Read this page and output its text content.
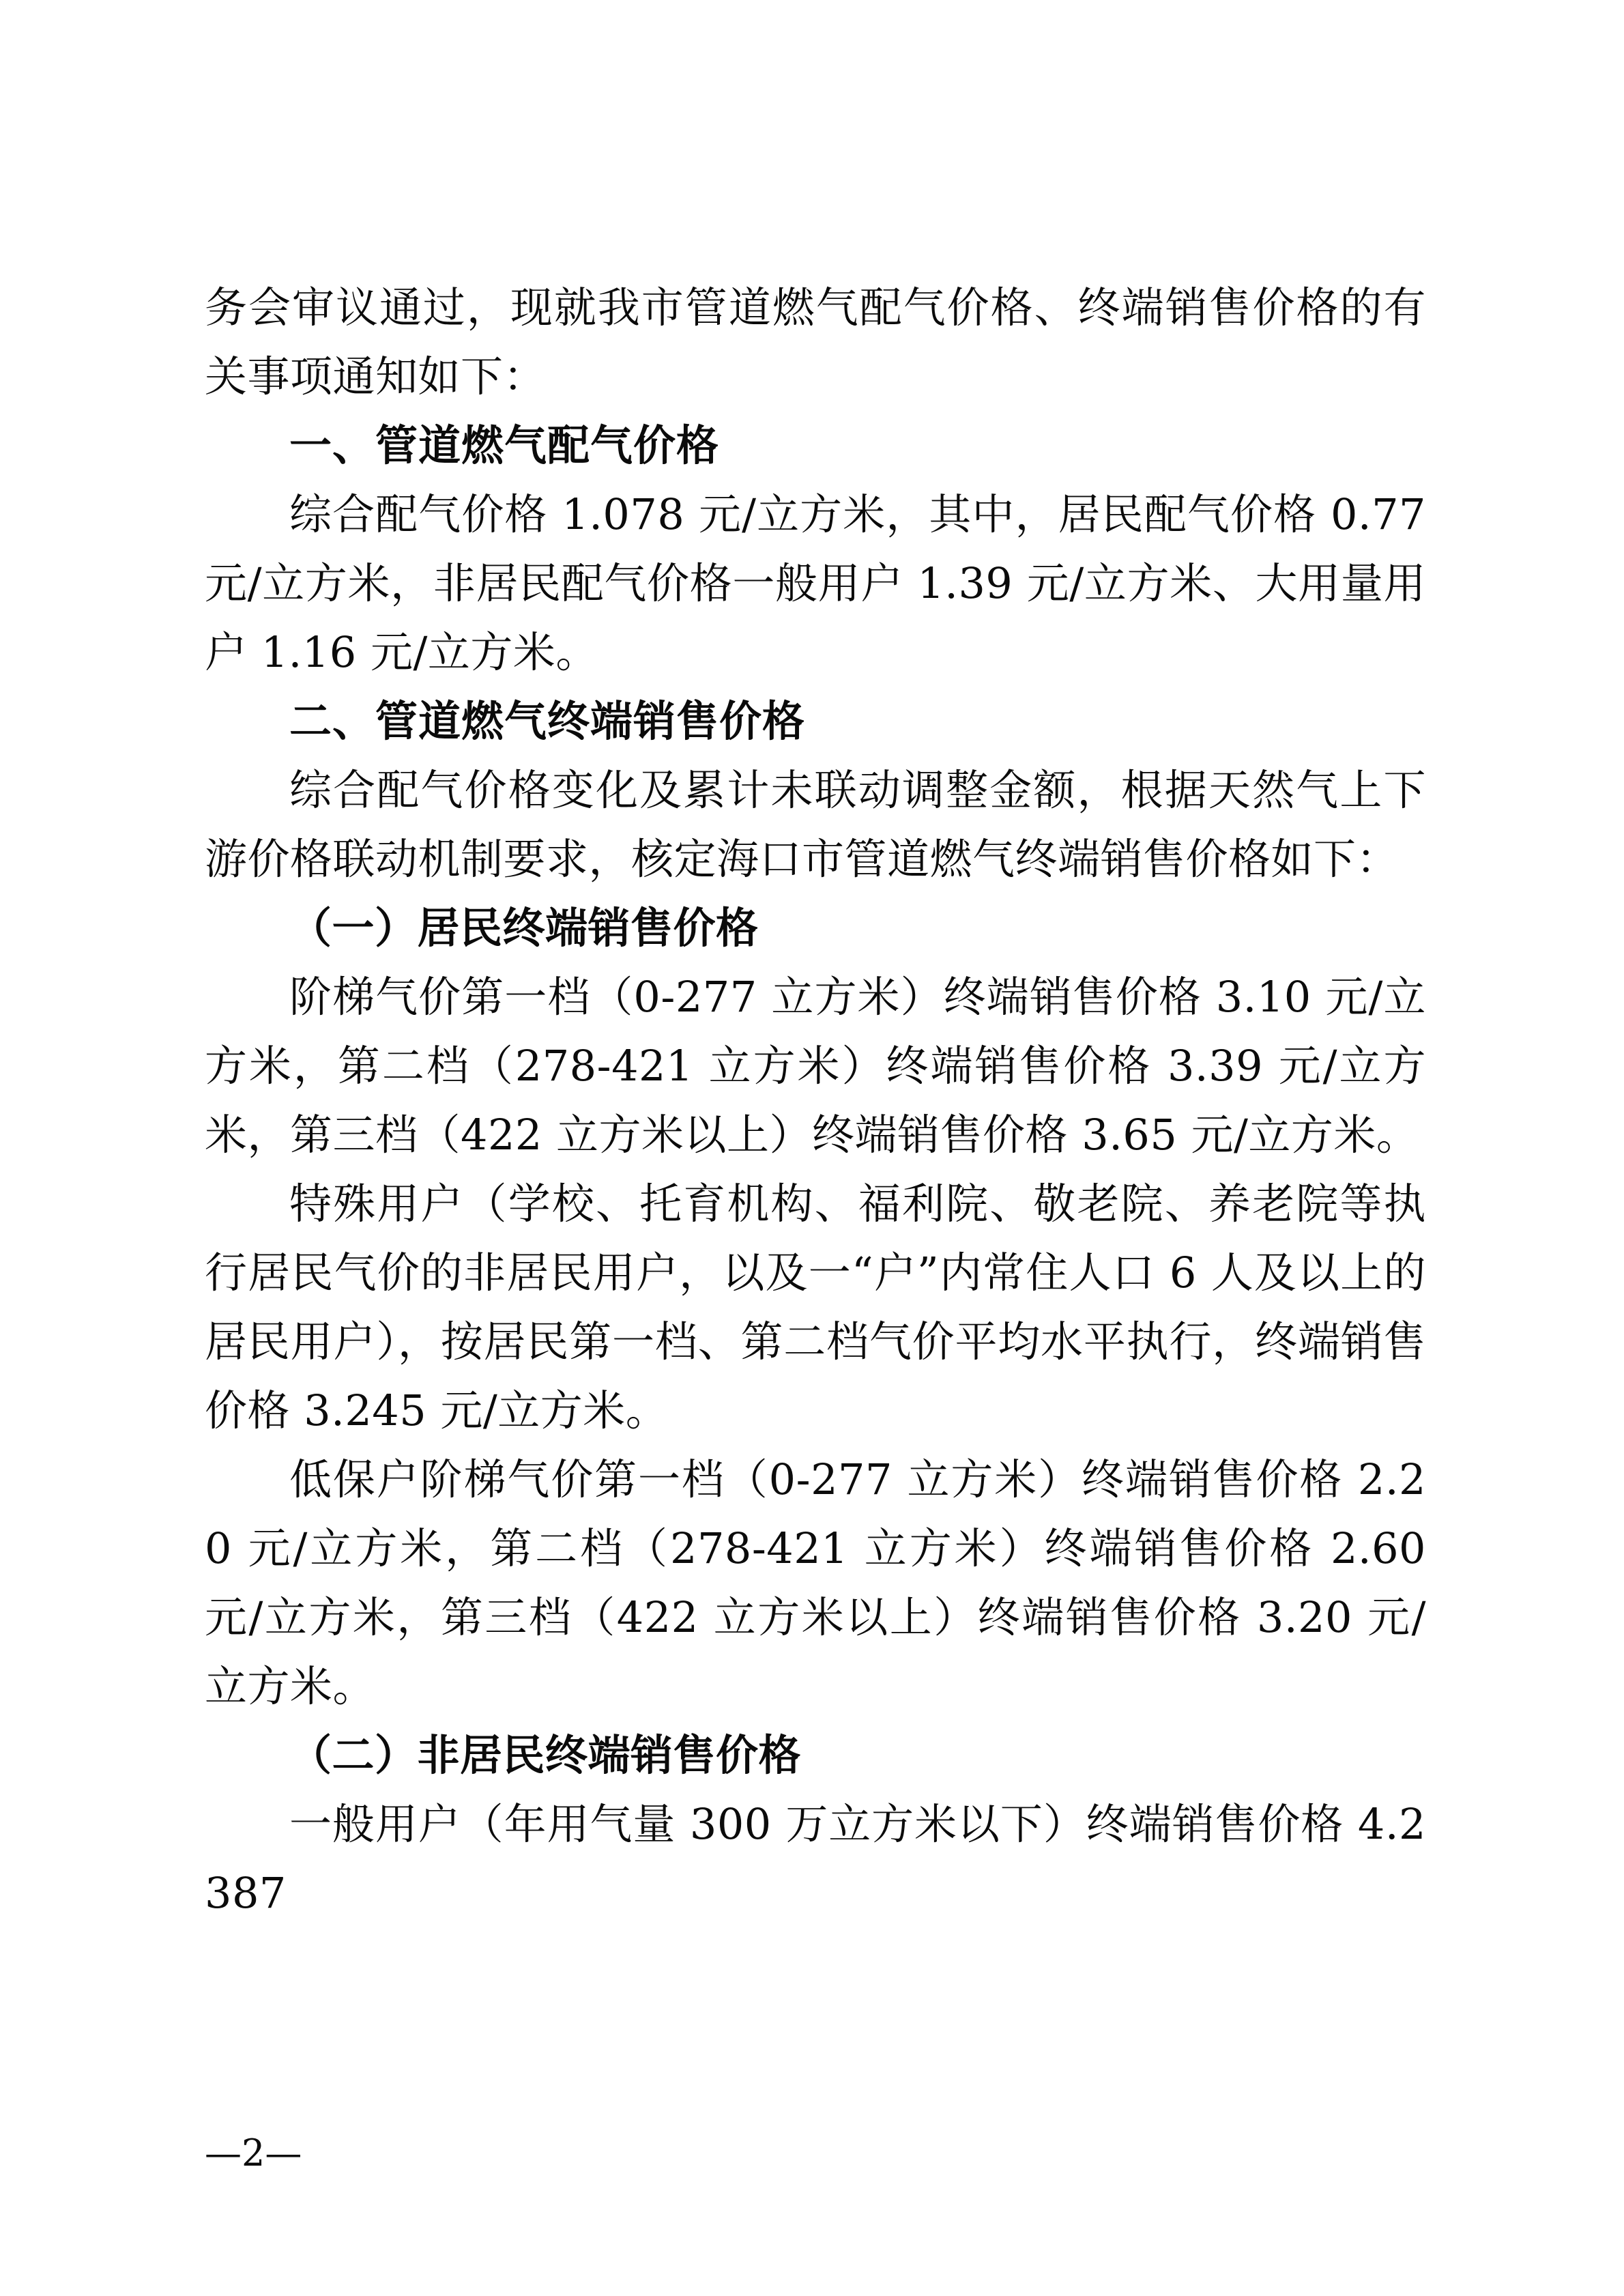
务会审议通过，现就我市管道燃气配气价格、终端销售价格的有关事项通知如下：

一、管道燃气配气价格

综合配气价格 1.078 元/立方米，其中，居民配气价格 0.77 元/立方米，非居民配气价格一般用户 1.39 元/立方米、大用量用户 1.16 元/立方米。

二、管道燃气终端销售价格

综合配气价格变化及累计未联动调整金额，根据天然气上下游价格联动机制要求，核定海口市管道燃气终端销售价格如下：

（一）居民终端销售价格

阶梯气价第一档（0-277 立方米）终端销售价格 3.10 元/立方米，第二档（278-421 立方米）终端销售价格 3.39 元/立方米，第三档（422 立方米以上）终端销售价格 3.65 元/立方米。

特殊用户（学校、托育机构、福利院、敬老院、养老院等执行居民气价的非居民用户，以及一“户”内常住人口 6 人及以上的居民用户），按居民第一档、第二档气价平均水平执行，终端销售价格 3.245 元/立方米。

低保户阶梯气价第一档（0-277 立方米）终端销售价格 2.20 元/立方米，第二档（278-421 立方米）终端销售价格 2.60 元/立方米，第三档（422 立方米以上）终端销售价格 3.20 元/立方米。

（二）非居民终端销售价格

一般用户（年用气量 300 万立方米以下）终端销售价格 4.2387

—2—
